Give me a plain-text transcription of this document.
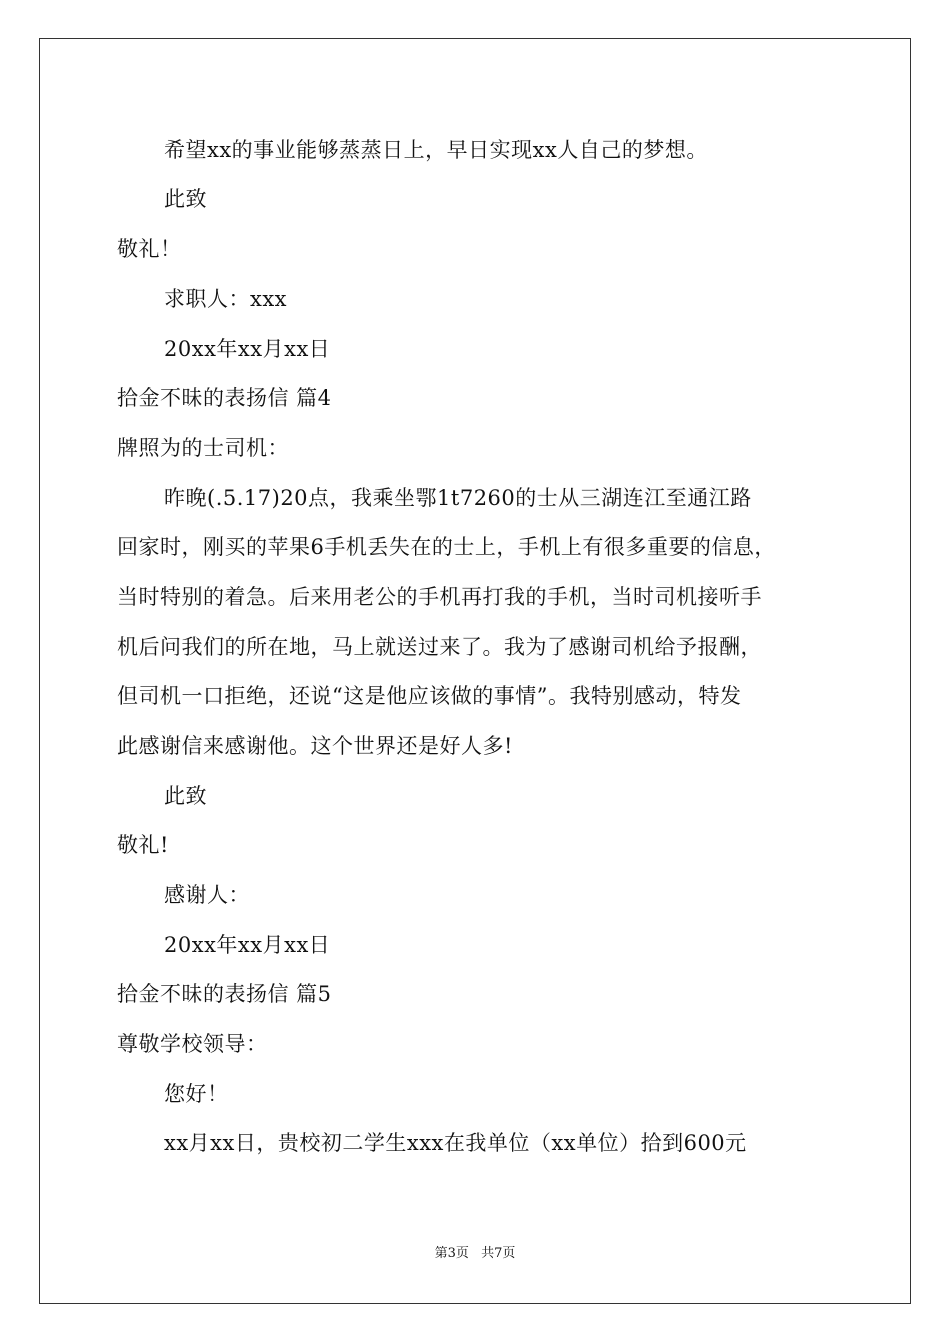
希望xx的事业能够蒸蒸日上，早日实现xx人自己的梦想。
此致
敬礼！
求职人：xxx
20xx年xx月xx日
拾金不昧的表扬信 篇4
牌照为的士司机：
昨晚(.5.17)20点，我乘坐鄂1t7260的士从三湖连江至通江路
回家时，刚买的苹果6手机丢失在的士上，手机上有很多重要的信息，
当时特别的着急。后来用老公的手机再打我的手机，当时司机接听手
机后问我们的所在地，马上就送过来了。我为了感谢司机给予报酬，
但司机一口拒绝，还说“这是他应该做的事情”。我特别感动，特发
此感谢信来感谢他。这个世界还是好人多!
此致
敬礼!
感谢人：
20xx年xx月xx日
拾金不昧的表扬信 篇5
尊敬学校领导：
您好！
xx月xx日，贵校初二学生xxx在我单位（xx单位）拾到600元
第3页 共7页
